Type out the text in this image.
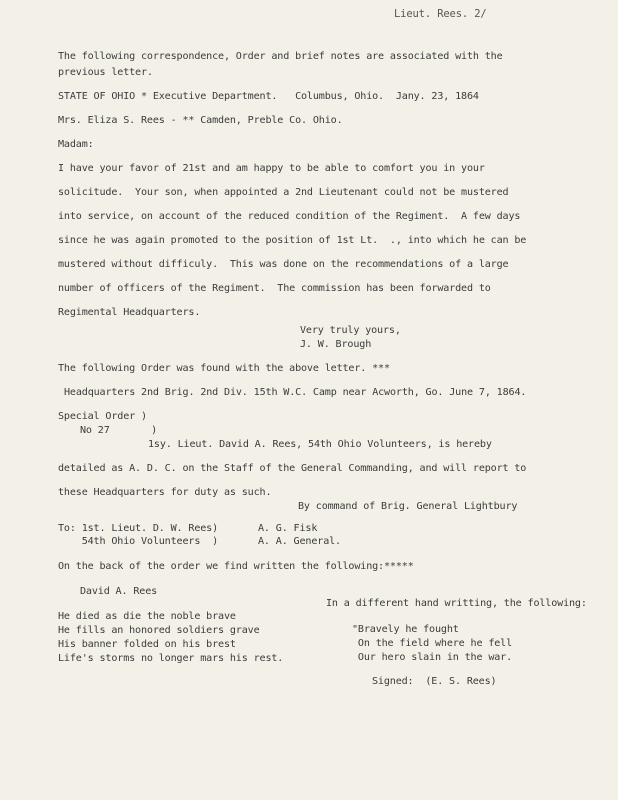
Lieut. Rees. 2/
The following correspondence, Order and brief notes are associated with the
previous letter.
STATE OF OHIO * Executive Department.   Columbus, Ohio.  Jany. 23, 1864
Mrs. Eliza S. Rees - ** Camden, Preble Co. Ohio.
Madam:
I have your favor of 21st and am happy to be able to comfort you in your
solicitude.  Your son, when appointed a 2nd Lieutenant could not be mustered
into service, on account of the reduced condition of the Regiment.  A few days
since he was again promoted to the position of 1st Lt.  ., into which he can be
mustered without difficuly.  This was done on the recommendations of a large
number of officers of the Regiment.  The commission has been forwarded to
Regimental Headquarters.
Very truly yours,
J. W. Brough
The following Order was found with the above letter. ***
Headquarters 2nd Brig. 2nd Div. 15th W.C. Camp near Acworth, Go. June 7, 1864.
Special Order )
No 27       )
1sy. Lieut. David A. Rees, 54th Ohio Volunteers, is hereby
detailed as A. D. C. on the Staff of the General Commanding, and will report to
these Headquarters for duty as such.
By command of Brig. General Lightbury
To: 1st. Lieut. D. W. Rees)
54th Ohio Volunteers  )
A. G. Fisk
A. A. General.
On the back of the order we find written the following:*****
David A. Rees
He died as die the noble brave
He fills an honored soldiers grave
His banner folded on his brest
Life's storms no longer mars his rest.
In a different hand writting, the following:
"Bravely he fought
On the field where he fell
Our hero slain in the war.
Signed:  (E. S. Rees)
